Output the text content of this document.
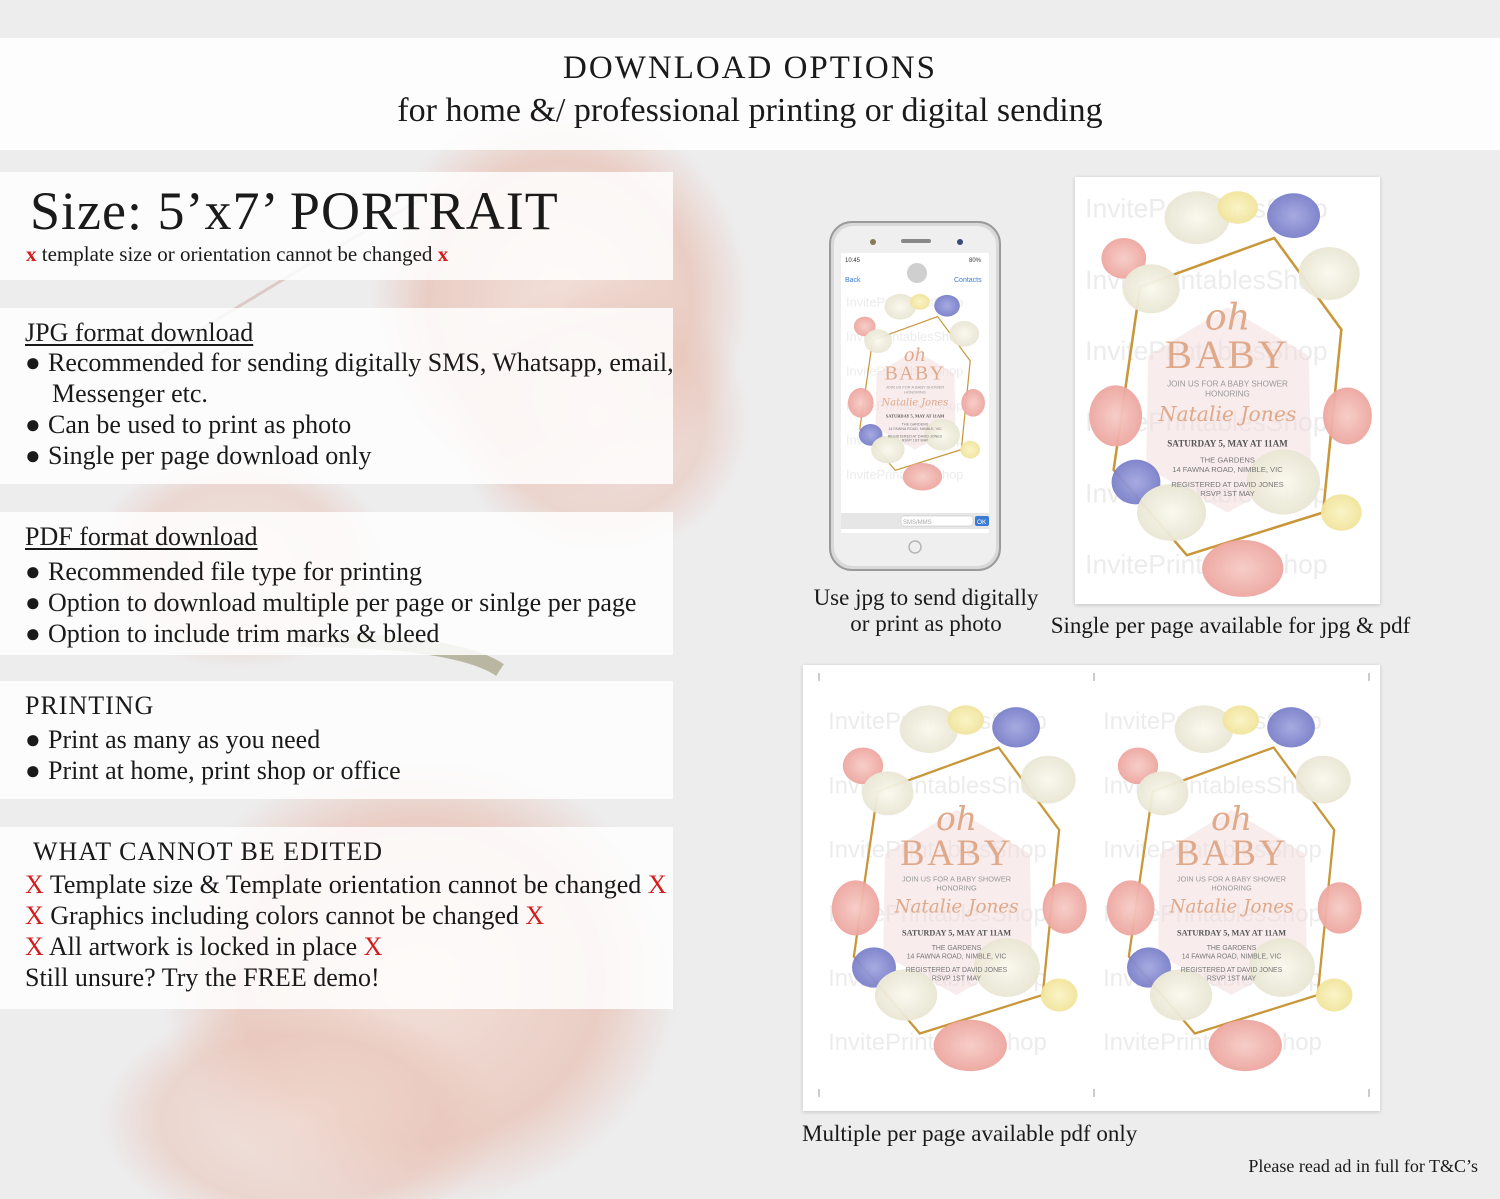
DOWNLOAD OPTIONS
for home &/ professional printing or digital sending
Size: 5’x7’ PORTRAIT
x template size or orientation cannot be changed x
JPG format download
● Recommended for sending digitally SMS, Whatsapp, email,
Messenger etc.
● Can be used to print as photo
● Single per page download only
PDF format download
● Recommended file type for printing
● Option to download multiple per page or sinlge per page
● Option to include trim marks & bleed
PRINTING
● Print as many as you need
● Print at home, print shop or office
WHAT CANNOT BE EDITED
X Template size & Template orientation cannot be changed X
X Graphics including colors cannot be changed X
X All artwork is locked in place X
Still unsure? Try the FREE demo!
10:45	80%
Back	Contacts
SMS/MMS	OK
Use jpg to send digitally
or print as photo	Single per page available for jpg & pdf
Multiple per page available pdf only
Please read ad in full for T&C’s
